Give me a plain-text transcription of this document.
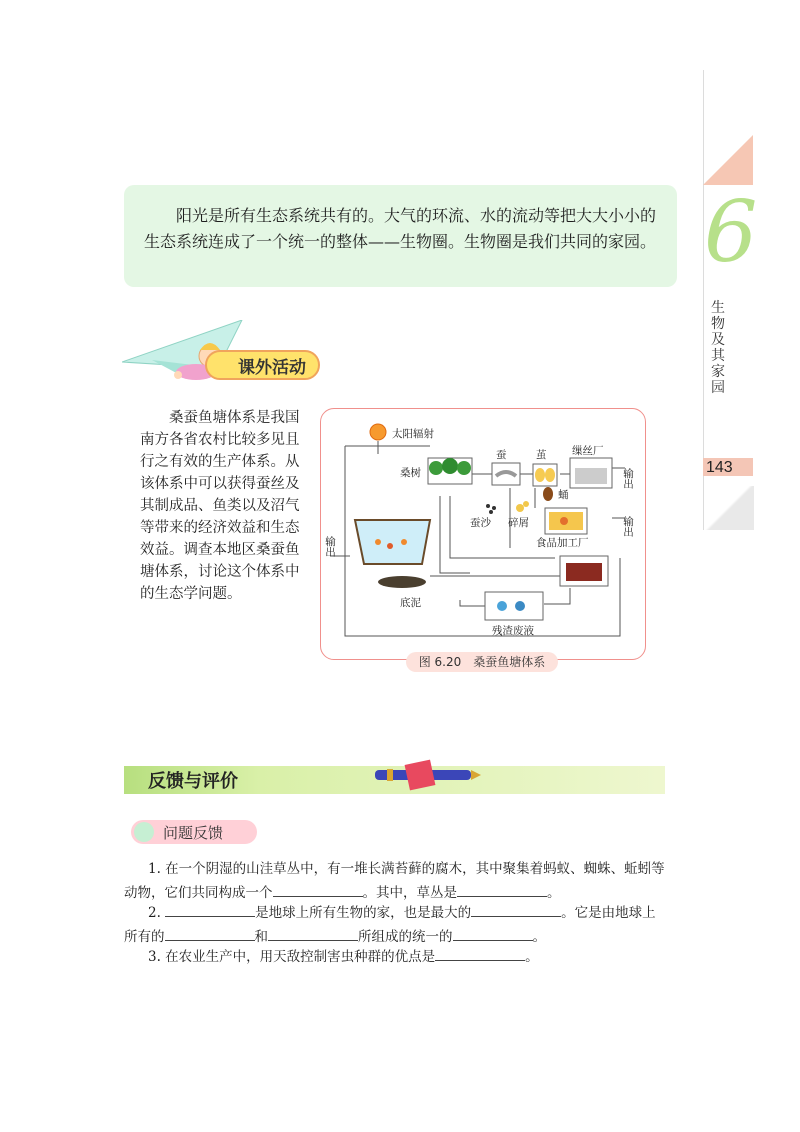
6
生物及其家园
143

阳光是所有生态系统共有的。大气的环流、水的流动等把大大小小的生态系统连成了一个统一的整体——生物圈。生物圈是我们共同的家园。

课外活动

桑蚕鱼塘体系是我国南方各省农村比较多见且行之有效的生产体系。从该体系中可以获得蚕丝及其制成品、鱼类以及沼气等带来的经济效益和生态效益。调查本地区桑蚕鱼塘体系，讨论这个体系中的生态学问题。

太阳辐射
桑树
蚕	茧 缫丝厂
输出
输出
输出
蛹
蚕沙 碎屑
食品加工厂
底泥
残渣废液
图 6.20　桑蚕鱼塘体系
反馈与评价
问题反馈

1. 在一个阴湿的山洼草丛中，有一堆长满苔藓的腐木，其中聚集着蚂蚁、蜘蛛、蚯蚓等动物，它们共同构成一个	。其中，草丛是	。

2.	是地球上所有生物的家，也是最大的	。它是由地球上所有的	和	所组成的统一的	。

3. 在农业生产中，用天敌控制害虫种群的优点是	。
